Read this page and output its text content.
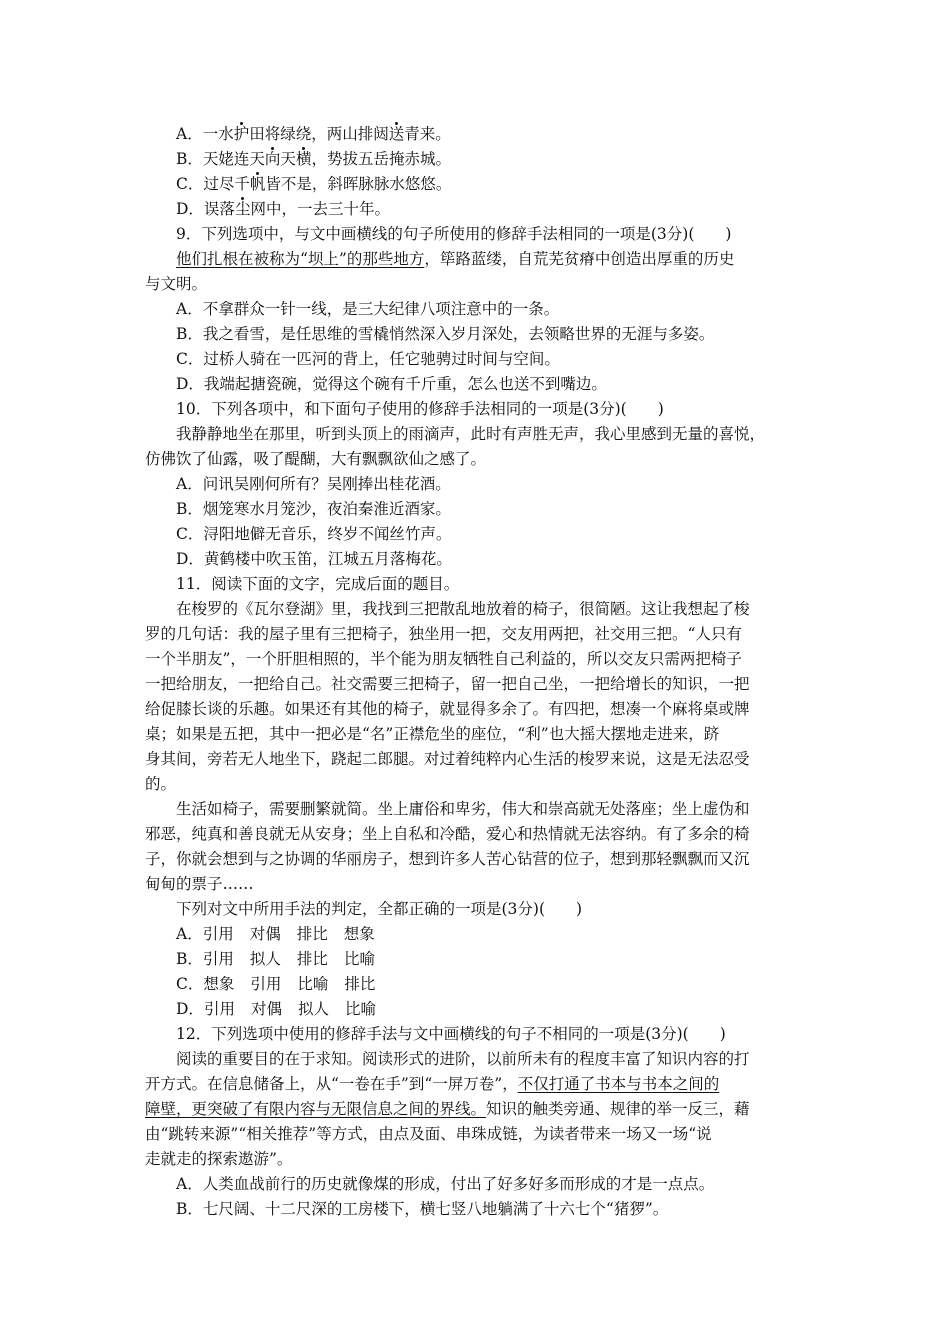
A．一水护田将绿绕，两山排闼送青来。
B．天姥连天向天横，势拔五岳掩赤城。
C．过尽千帆皆不是，斜晖脉脉水悠悠。
D．误落尘网中，一去三十年。
9．下列选项中，与文中画横线的句子所使用的修辞手法相同的一项是(3分)(　　)
他们扎根在被称为“坝上”的那些地方，筚路蓝缕，自荒芜贫瘠中创造出厚重的历史
与文明。
A．不拿群众一针一线，是三大纪律八项注意中的一条。
B．我之看雪，是任思维的雪橇悄然深入岁月深处，去领略世界的无涯与多姿。
C．过桥人骑在一匹河的背上，任它驰骋过时间与空间。
D．我端起搪瓷碗，觉得这个碗有千斤重，怎么也送不到嘴边。
10．下列各项中，和下面句子使用的修辞手法相同的一项是(3分)(　　)
我静静地坐在那里，听到头顶上的雨滴声，此时有声胜无声，我心里感到无量的喜悦，
仿佛饮了仙露，吸了醍醐，大有飘飘欲仙之感了。
A．问讯吴刚何所有？吴刚捧出桂花酒。
B．烟笼寒水月笼沙，夜泊秦淮近酒家。
C．浔阳地僻无音乐，终岁不闻丝竹声。
D．黄鹤楼中吹玉笛，江城五月落梅花。
11．阅读下面的文字，完成后面的题目。
在梭罗的《瓦尔登湖》里，我找到三把散乱地放着的椅子，很简陋。这让我想起了梭
罗的几句话：我的屋子里有三把椅子，独坐用一把，交友用两把，社交用三把。“人只有
一个半朋友”，一个肝胆相照的，半个能为朋友牺牲自己利益的，所以交友只需两把椅子
一把给朋友，一把给自己。社交需要三把椅子，留一把自己坐，一把给增长的知识，一把
给促膝长谈的乐趣。如果还有其他的椅子，就显得多余了。有四把，想凑一个麻将桌或牌
桌；如果是五把，其中一把必是“名”正襟危坐的座位，“利”也大摇大摆地走进来，跻
身其间，旁若无人地坐下，跷起二郎腿。对过着纯粹内心生活的梭罗来说，这是无法忍受
的。
生活如椅子，需要删繁就简。坐上庸俗和卑劣，伟大和崇高就无处落座；坐上虚伪和
邪恶，纯真和善良就无从安身；坐上自私和冷酷，爱心和热情就无法容纳。有了多余的椅
子，你就会想到与之协调的华丽房子，想到许多人苦心钻营的位子，想到那轻飘飘而又沉
甸甸的票子……
下列对文中所用手法的判定，全都正确的一项是(3分)(　　)
A．引用 对偶 排比 想象
B．引用 拟人 排比 比喻
C．想象 引用 比喻 排比
D．引用 对偶 拟人 比喻
12．下列选项中使用的修辞手法与文中画横线的句子不相同的一项是(3分)(　　)
阅读的重要目的在于求知。阅读形式的进阶，以前所未有的程度丰富了知识内容的打
开方式。在信息储备上，从“一卷在手”到“一屏万卷”，不仅打通了书本与书本之间的
障壁，更突破了有限内容与无限信息之间的界线。知识的触类旁通、规律的举一反三，藉
由“跳转来源”“相关推荐”等方式，由点及面、串珠成链，为读者带来一场又一场“说
走就走的探索遨游”。
A．人类血战前行的历史就像煤的形成，付出了好多好多而形成的才是一点点。
B．七尺阔、十二尺深的工房楼下，横七竖八地躺满了十六七个“猪猡”。
